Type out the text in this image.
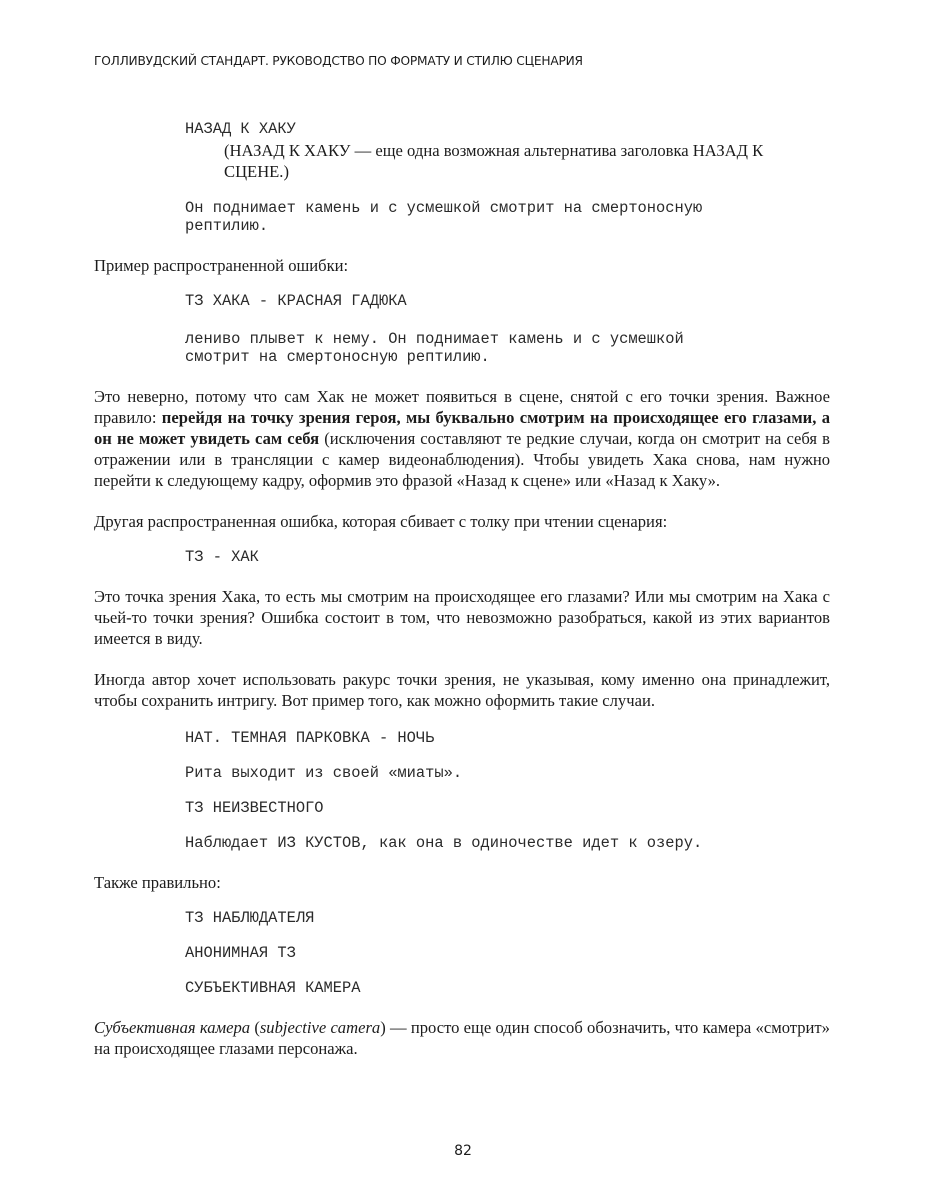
ГОЛЛИВУДСКИЙ СТАНДАРТ. РУКОВОДСТВО ПО ФОРМАТУ И СТИЛЮ СЦЕНАРИЯ
НАЗАД К ХАКУ
(НАЗАД К ХАКУ — еще одна возможная альтернатива заголовка НАЗАД К СЦЕНЕ.)
Он поднимает камень и с усмешкой смотрит на смертоносную
рептилию.
Пример распространенной ошибки:
ТЗ ХАКА - КРАСНАЯ ГАДЮКА
лениво плывет к нему. Он поднимает камень и с усмешкой
смотрит на смертоносную рептилию.
Это неверно, потому что сам Хак не может появиться в сцене, снятой с его точки зрения. Важное правило: перейдя на точку зрения героя, мы буквально смотрим на происходящее его глазами, а он не может увидеть сам себя (исключения составляют те редкие случаи, когда он смотрит на себя в отражении или в трансляции с камер видеонаблюдения). Чтобы увидеть Хака снова, нам нужно перейти к следующему кадру, оформив это фразой «Назад к сцене» или «Назад к Хаку».
Другая распространенная ошибка, которая сбивает с толку при чтении сценария:
ТЗ - ХАК
Это точка зрения Хака, то есть мы смотрим на происходящее его глазами? Или мы смотрим на Хака с чьей-то точки зрения? Ошибка состоит в том, что невозможно разобраться, какой из этих вариантов имеется в виду.
Иногда автор хочет использовать ракурс точки зрения, не указывая, кому именно она принадлежит, чтобы сохранить интригу. Вот пример того, как можно оформить такие случаи.
НАТ. ТЕМНАЯ ПАРКОВКА - НОЧЬ
Рита выходит из своей «миаты».
ТЗ НЕИЗВЕСТНОГО
Наблюдает ИЗ КУСТОВ, как она в одиночестве идет к озеру.
Также правильно:
ТЗ НАБЛЮДАТЕЛЯ
АНОНИМНАЯ ТЗ
СУБЪЕКТИВНАЯ КАМЕРА
Субъективная камера (subjective camera) — просто еще один способ обозначить, что камера «смотрит» на происходящее глазами персонажа.
82
